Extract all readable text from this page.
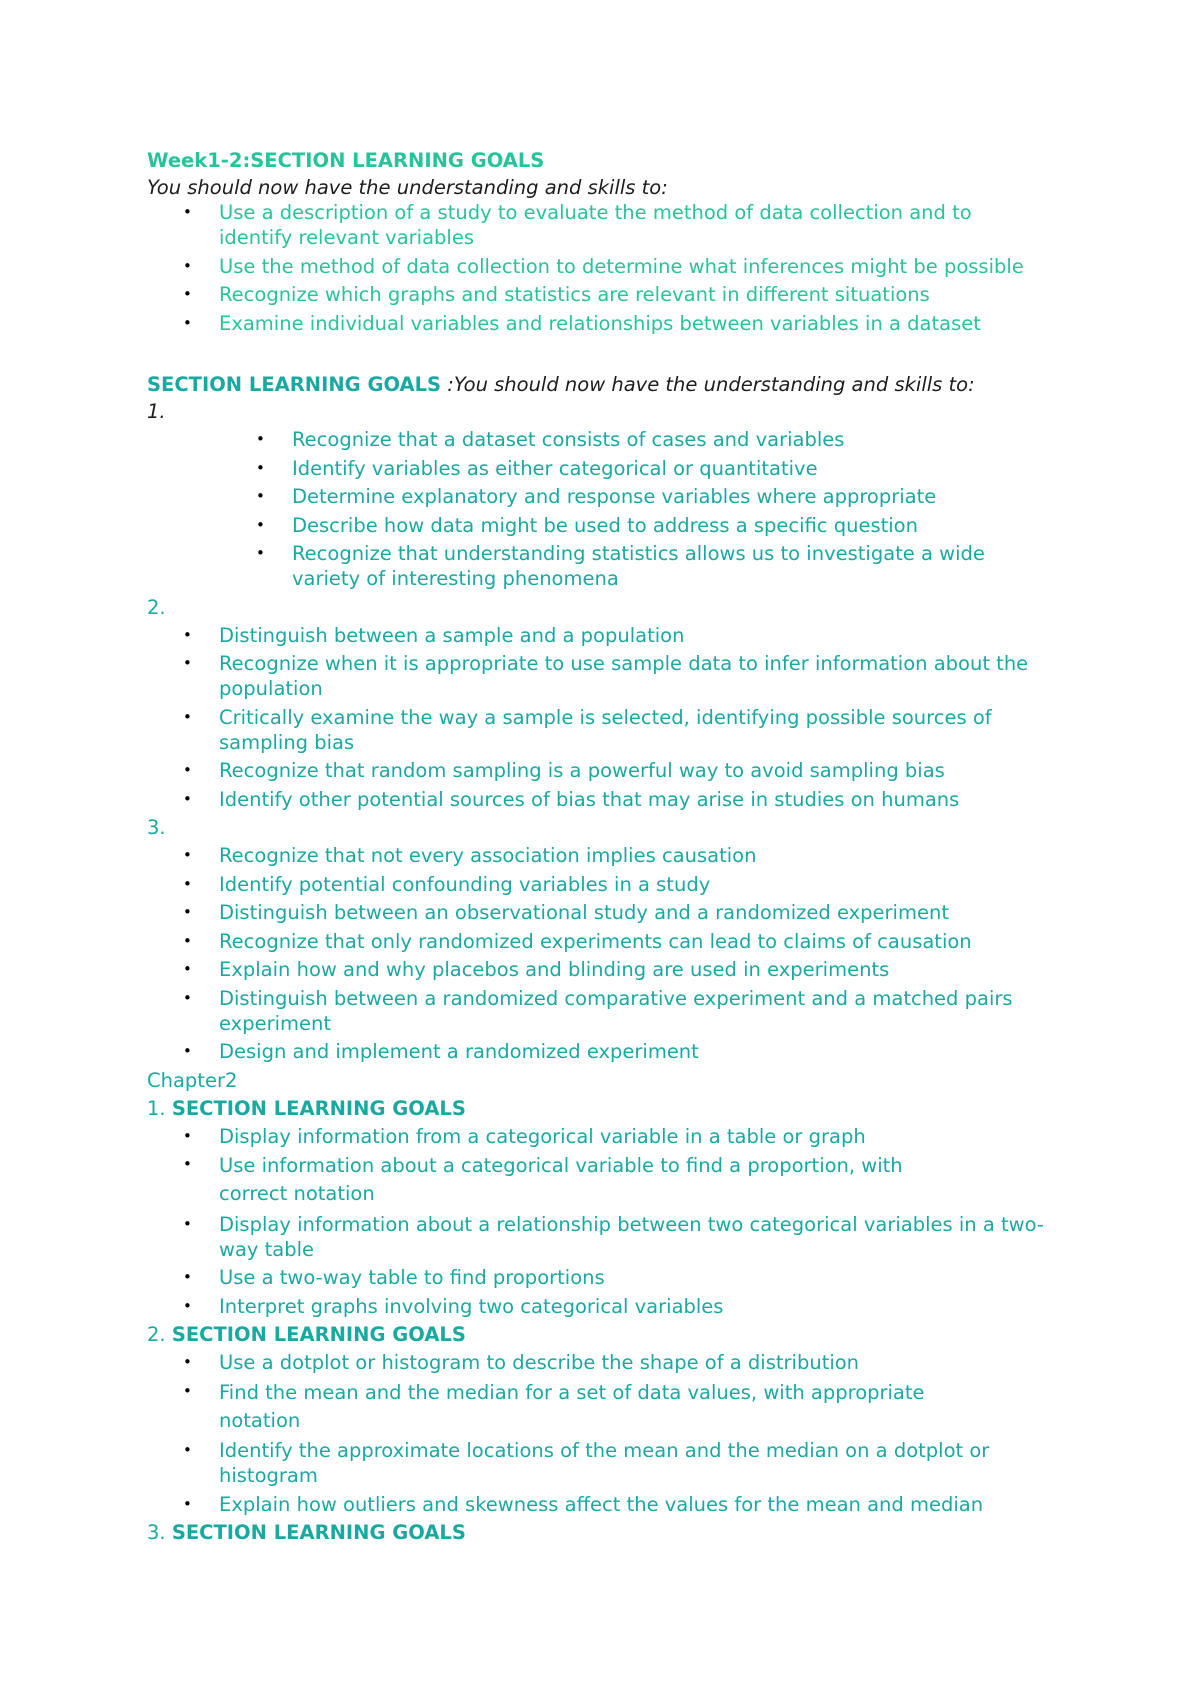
Week1-2:SECTION LEARNING GOALS

You should now have the understanding and skills to:

• Use a description of a study to evaluate the method of data collection and to identify relevant variables
• Use the method of data collection to determine what inferences might be possible
• Recognize which graphs and statistics are relevant in different situations
• Examine individual variables and relationships between variables in a dataset

SECTION LEARNING GOALS :You should now have the understanding and skills to:

1.

• Recognize that a dataset consists of cases and variables
• Identify variables as either categorical or quantitative
• Determine explanatory and response variables where appropriate
• Describe how data might be used to address a specific question
• Recognize that understanding statistics allows us to investigate a wide variety of interesting phenomena

2.

• Distinguish between a sample and a population
• Recognize when it is appropriate to use sample data to infer information about the population
• Critically examine the way a sample is selected, identifying possible sources of sampling bias
• Recognize that random sampling is a powerful way to avoid sampling bias
• Identify other potential sources of bias that may arise in studies on humans

3.

• Recognize that not every association implies causation
• Identify potential confounding variables in a study
• Distinguish between an observational study and a randomized experiment
• Recognize that only randomized experiments can lead to claims of causation
• Explain how and why placebos and blinding are used in experiments
• Distinguish between a randomized comparative experiment and a matched pairs experiment
• Design and implement a randomized experiment

Chapter2

1. SECTION LEARNING GOALS

• Display information from a categorical variable in a table or graph
• Use information about a categorical variable to find a proportion, with correct notation
• Display information about a relationship between two categorical variables in a two-way table
• Use a two-way table to find proportions
• Interpret graphs involving two categorical variables

2. SECTION LEARNING GOALS

• Use a dotplot or histogram to describe the shape of a distribution
• Find the mean and the median for a set of data values, with appropriate notation
• Identify the approximate locations of the mean and the median on a dotplot or histogram
• Explain how outliers and skewness affect the values for the mean and median

3. SECTION LEARNING GOALS
